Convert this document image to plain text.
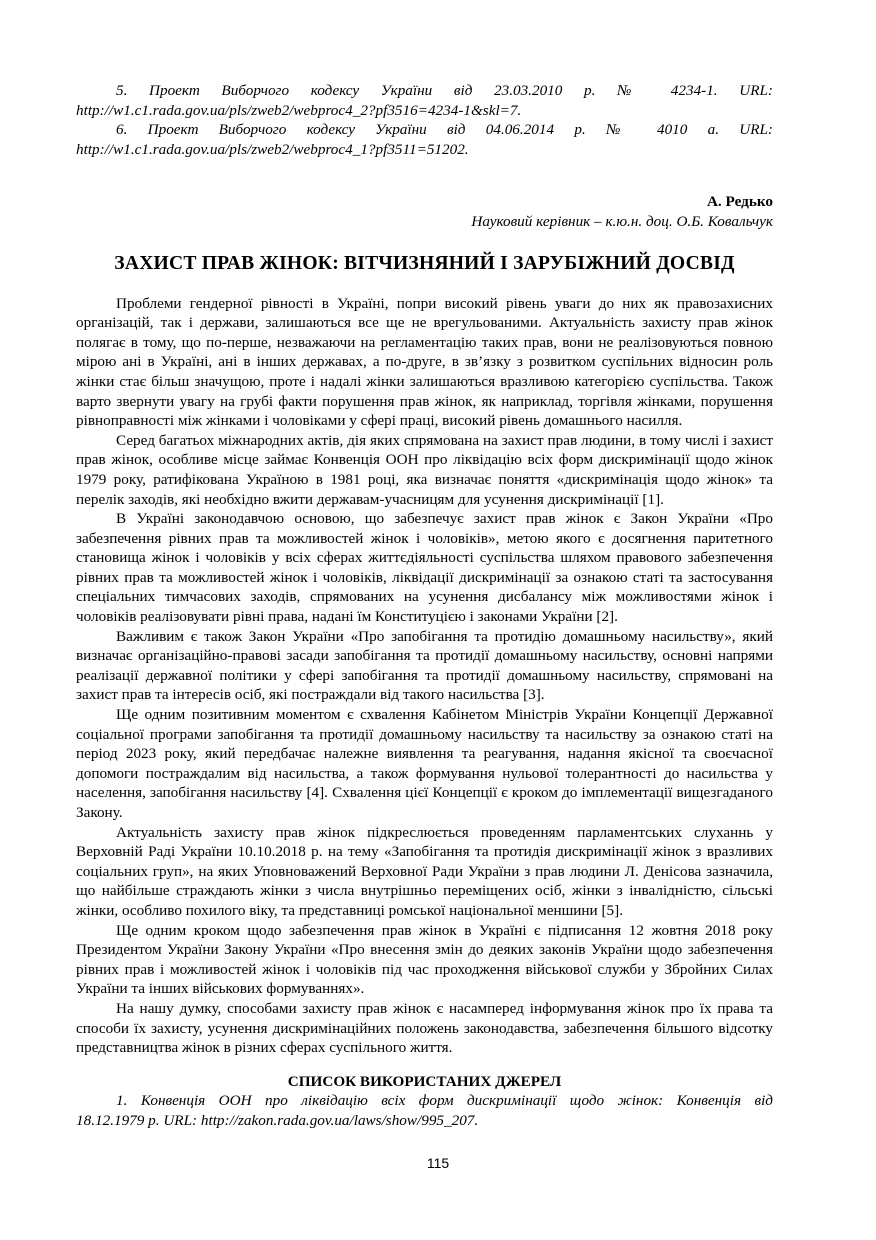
5. Проект Виборчого кодексу України від 23.03.2010 р. № 4234-1. URL:

http://w1.c1.rada.gov.ua/pls/zweb2/webproc4_2?pf3516=4234-1&skl=7.

6. Проект Виборчого кодексу України від 04.06.2014 р. № 4010 а. URL:

http://w1.c1.rada.gov.ua/pls/zweb2/webproc4_1?pf3511=51202.

А. Редько

Науковий керівник – к.ю.н. доц. О.Б. Ковальчук

ЗАХИСТ ПРАВ ЖІНОК: ВІТЧИЗНЯНИЙ І ЗАРУБІЖНИЙ ДОСВІД

Проблеми гендерної рівності в Україні, попри високий рівень уваги до них як правозахисних організацій, так і держави, залишаються все ще не врегульованими. Актуальність захисту прав жінок полягає в тому, що по-перше, незважаючи на регламентацію таких прав, вони не реалізовуються повною мірою ані в Україні, ані в інших державах, а по-друге, в зв’язку з розвитком суспільних відносин роль жінки стає більш значущою, проте і надалі жінки залишаються вразливою категорією суспільства. Також варто звернути увагу на грубі факти порушення прав жінок, як наприклад, торгівля жінками, порушення рівноправності між жінками і чоловіками у сфері праці, високий рівень домашнього насилля.

Серед багатьох міжнародних актів, дія яких спрямована на захист прав людини, в тому числі і захист прав жінок, особливе місце займає Конвенція ООН про ліквідацію всіх форм дискримінації щодо жінок 1979 року, ратифікована Україною в 1981 році, яка визначає поняття «дискримінація щодо жінок» та перелік заходів, які необхідно вжити державам-учасницям для усунення дискримінації [1].

В Україні законодавчою основою, що забезпечує захист прав жінок є Закон України «Про забезпечення рівних прав та можливостей жінок і чоловіків», метою якого є досягнення паритетного становища жінок і чоловіків у всіх сферах життєдіяльності суспільства шляхом правового забезпечення рівних прав та можливостей жінок і чоловіків, ліквідації дискримінації за ознакою статі та застосування спеціальних тимчасових заходів, спрямованих на усунення дисбалансу між можливостями жінок і чоловіків реалізовувати рівні права, надані їм Конституцією і законами України [2].

Важливим є також Закон України «Про запобігання та протидію домашньому насильству», який визначає організаційно-правові засади запобігання та протидії домашньому насильству, основні напрями реалізації державної політики у сфері запобігання та протидії домашньому насильству, спрямовані на захист прав та інтересів осіб, які постраждали від такого насильства [3].

Ще одним позитивним моментом є схвалення Кабінетом Міністрів України Концепції Державної соціальної програми запобігання та протидії домашньому насильству та насильству за ознакою статі на період 2023 року, який передбачає належне виявлення та реагування, надання якісної та своєчасної допомоги постраждалим від насильства, а також формування нульової толерантності до насильства у населення, запобігання насильству [4]. Схвалення цієї Концепції є кроком до імплементації вищезгаданого Закону.

Актуальність захисту прав жінок підкреслюється проведенням парламентських слуханнь у Верховній Раді України 10.10.2018 р. на тему «Запобігання та протидія дискримінації жінок з вразливих соціальних груп», на яких Уповноважений Верховної Ради України з прав людини Л. Денісова зазначила, що найбільше страждають жінки з числа внутрішньо переміщених осіб, жінки з інвалідністю, сільські жінки, особливо похилого віку, та представниці ромської національної меншини [5].

Ще одним кроком щодо забезпечення прав жінок в Україні є підписання 12 жовтня 2018 року Президентом України Закону України «Про внесення змін до деяких законів України щодо забезпечення рівних прав і можливостей жінок і чоловіків під час проходження військової служби у Збройних Силах України та інших військових формуваннях».

На нашу думку, способами захисту прав жінок є насамперед інформування жінок про їх права та способи їх захисту, усунення дискримінаційних положень законодавства, забезпечення більшого відсотку представництва жінок в різних сферах суспільного життя.

СПИСОК ВИКОРИСТАНИХ ДЖЕРЕЛ

1. Конвенція ООН про ліквідацію всіх форм дискримінації щодо жінок: Конвенція від

18.12.1979 р. URL: http://zakon.rada.gov.ua/laws/show/995_207.

115
